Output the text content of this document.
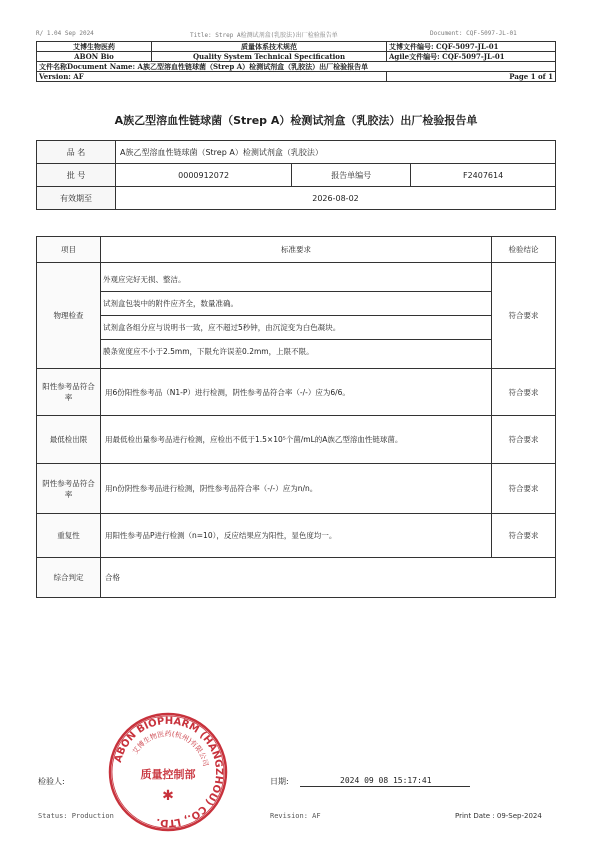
R/ 1.04 Sep 2024	Title: Strep A检测试剂盒(乳胶法)出厂检验报告单	Document: CQF-5097-JL-01
艾博生物医药	质量体系技术规范	艾博文件编号: CQF-5097-JL-01
ABON Bio	Quality System Technical Specification	Agile文件编号: CQF-5097-JL-01
文件名称Document Name: A族乙型溶血性链球菌（Strep A）检测试剂盒（乳胶法）出厂检验报告单		
Version: AF		Page 1 of 1
A族乙型溶血性链球菌（Strep A）检测试剂盒（乳胶法）出厂检验报告单
品 名	A族乙型溶血性链球菌（Strep A）检测试剂盒（乳胶法）		
批 号	0000912072	报告单编号	F2407614
有效期至	2026-08-02		
项目	标准要求	检验结论
物理检查	外观应完好无损、整洁。
试剂盒包装中的附件应齐全，数量准确。
试剂盒各组分应与说明书一致，应不超过5秒钟，由沉淀变为白色凝块。
膜条宽度应不小于2.5mm，下限允许误差0.2mm，上限不限。	符合要求
阳性参考品符合率	用6份阳性参考品（N1-P）进行检测，阴性参考品符合率（-/-）应为6/6。	符合要求
最低检出限	用最低检出量参考品进行检测，应检出不低于1.5×10⁵个菌/mL的A族乙型溶血性链球菌。	符合要求
阴性参考品符合率	用n份阴性参考品进行检测，阴性参考品符合率（-/-）应为n/n。	符合要求
重复性	用阳性参考品P进行检测（n=10），反应结果应为阳性，显色度均一。	符合要求
综合判定	合格	
检验人:	日期:	2024 09 08 15:17:41
ABON BIOPHARM (HANGZHOU) CO., LTD.
艾博生物医药(杭州)有限公司
质量控制部
✱
Status: Production	Revision: AF	Print Date : 09-Sep-2024
